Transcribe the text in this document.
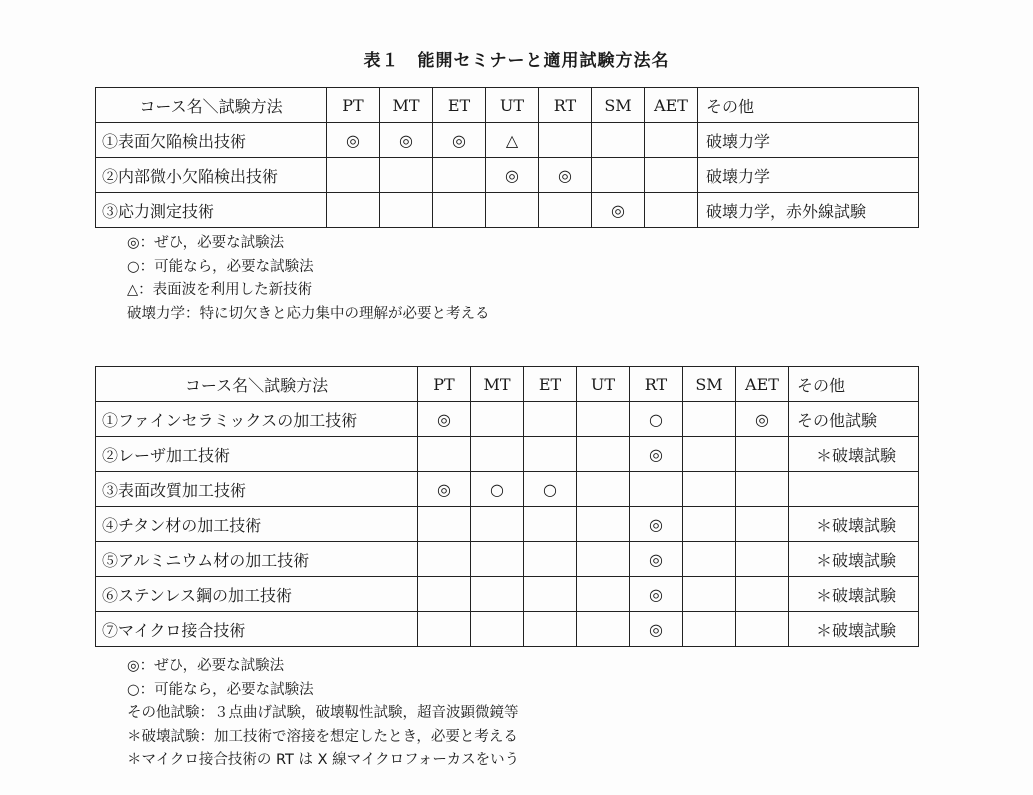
表１　能開セミナーと適用試験方法名
コース名＼試験方法	PT	MT	ET	UT	RT	SM	AET	その他
①表面欠陥検出技術	◎	◎	◎	△				破壊力学
②内部微小欠陥検出技術				◎	◎			破壊力学
③応力測定技術						◎		破壊力学，赤外線試験
◎：ぜひ，必要な試験法
○：可能なら，必要な試験法
△：表面波を利用した新技術
破壊力学：特に切欠きと応力集中の理解が必要と考える
コース名＼試験方法	PT	MT	ET	UT	RT	SM	AET	その他
①ファインセラミックスの加工技術	◎				○		◎	その他試験
②レーザ加工技術					◎			＊破壊試験
③表面改質加工技術	◎	○	○					
④チタン材の加工技術					◎			＊破壊試験
⑤アルミニウム材の加工技術					◎			＊破壊試験
⑥ステンレス鋼の加工技術					◎			＊破壊試験
⑦マイクロ接合技術					◎			＊破壊試験
◎：ぜひ，必要な試験法
○：可能なら，必要な試験法
その他試験：３点曲げ試験，破壊靱性試験，超音波顕微鏡等
＊破壊試験：加工技術で溶接を想定したとき，必要と考える
＊マイクロ接合技術の RT は X 線マイクロフォーカスをいう
